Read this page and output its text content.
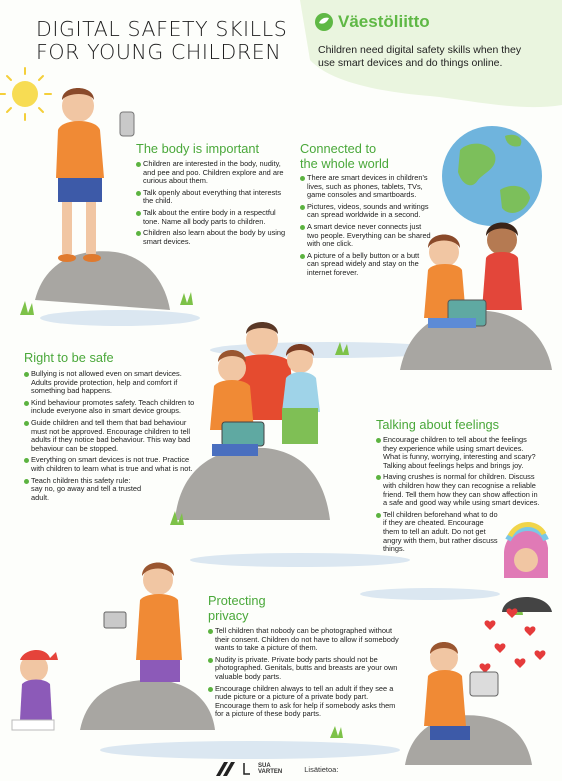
DIGITAL SAFETY SKILLS
FOR YOUNG CHILDREN
Väestöliitto
Children need digital safety skills when they use smart devices and do things online.
The body is important
Children are interested in the body, nudity, and pee and poo. Children explore and are curious about them.
Talk openly about everything that interests the child.
Talk about the entire body in a respectful tone. Name all body parts to children.
Children also learn about the body by using smart devices.
Connected to
the whole world
There are smart devices in children’s lives, such as phones, tablets, TVs, game consoles and smartboards.
Pictures, videos, sounds and writings can spread worldwide in a second.
A smart device never connects just two people. Everything can be shared with one click.
A picture of a belly button or a butt can spread widely and stay on the internet forever.
Right to be safe
Bullying is not allowed even on smart devices. Adults provide protection, help and comfort if something bad happens.
Kind behaviour promotes safety. Teach children to include everyone also in smart device groups.
Guide children and tell them that bad behaviour must not be approved. Encourage children to tell adults if they notice bad behaviour. This way bad behaviour can be stopped.
Everything on smart devices is not true. Practice with children to learn what is true and what is not.
Teach children this safety rule: say no, go away and tell a trusted adult.
Talking about feelings
Encourage children to tell about the feelings they experience while using smart devices. What is funny, worrying, interesting and scary? Talking about feelings helps and brings joy.
Having crushes is normal for children. Discuss with children how they can recognise a reliable friend. Tell them how they can show affection in a safe and good way while using smart devices.
Tell children beforehand what to do if they are cheated. Encourage them to tell an adult. Do not get angry with them, but rather discuss things.
Protecting
privacy
Tell children that nobody can be photographed without their consent. Children do not have to allow if somebody wants to take a picture of them.
Nudity is private. Private body parts should not be photographed. Genitals, butts and breasts are your own valuable body parts.
Encourage children always to tell an adult if they see a nude picture or a picture of a private body part. Encourage them to ask for help if somebody asks them for a picture of these body parts.
SUA
VARTEN	Lisätietoa:
